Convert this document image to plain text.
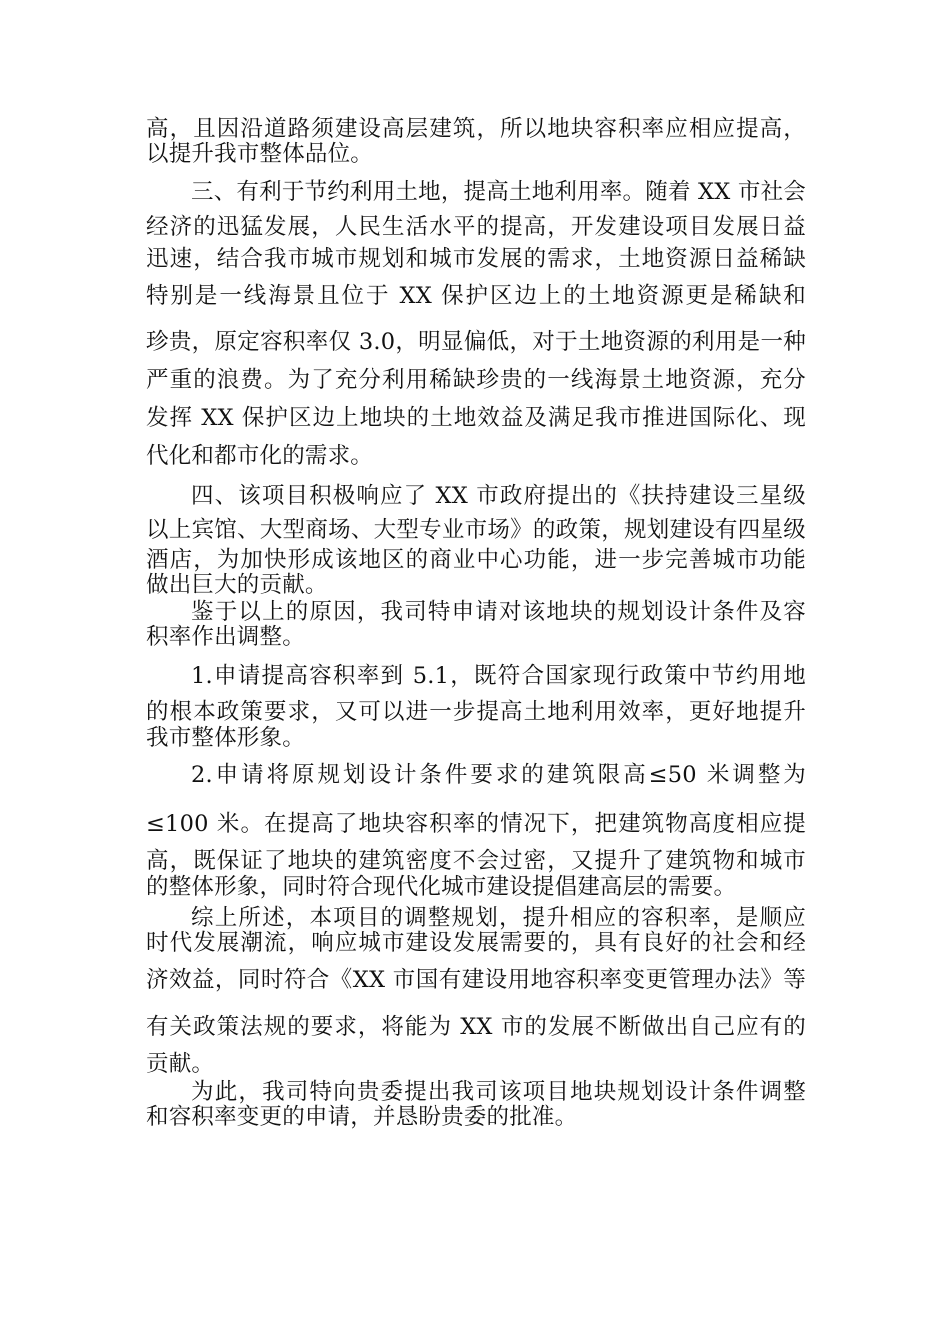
高，且因沿道路须建设高层建筑，所以地块容积率应相应提高，
以提升我市整体品位。
三、有利于节约利用土地，提高土地利用率。随着 XX 市社会
经济的迅猛发展，人民生活水平的提高，开发建设项目发展日益
迅速，结合我市城市规划和城市发展的需求，土地资源日益稀缺
特别是一线海景且位于 XX 保护区边上的土地资源更是稀缺和
珍贵，原定容积率仅 3.0，明显偏低，对于土地资源的利用是一种
严重的浪费。为了充分利用稀缺珍贵的一线海景土地资源，充分
发挥 XX 保护区边上地块的土地效益及满足我市推进国际化、现
代化和都市化的需求。
四、该项目积极响应了 XX 市政府提出的《扶持建设三星级
以上宾馆、大型商场、大型专业市场》的政策，规划建设有四星级
酒店，为加快形成该地区的商业中心功能，进一步完善城市功能
做出巨大的贡献。
鉴于以上的原因，我司特申请对该地块的规划设计条件及容
积率作出调整。
1.申请提高容积率到 5.1，既符合国家现行政策中节约用地
的根本政策要求，又可以进一步提高土地利用效率，更好地提升
我市整体形象。
2.申请将原规划设计条件要求的建筑限高≤50 米调整为
≤100 米。在提高了地块容积率的情况下，把建筑物高度相应提
高，既保证了地块的建筑密度不会过密，又提升了建筑物和城市
的整体形象，同时符合现代化城市建设提倡建高层的需要。
综上所述，本项目的调整规划，提升相应的容积率，是顺应
时代发展潮流，响应城市建设发展需要的，具有良好的社会和经
济效益，同时符合《XX 市国有建设用地容积率变更管理办法》等
有关政策法规的要求，将能为 XX 市的发展不断做出自己应有的
贡献。
为此，我司特向贵委提出我司该项目地块规划设计条件调整
和容积率变更的申请，并恳盼贵委的批准。
